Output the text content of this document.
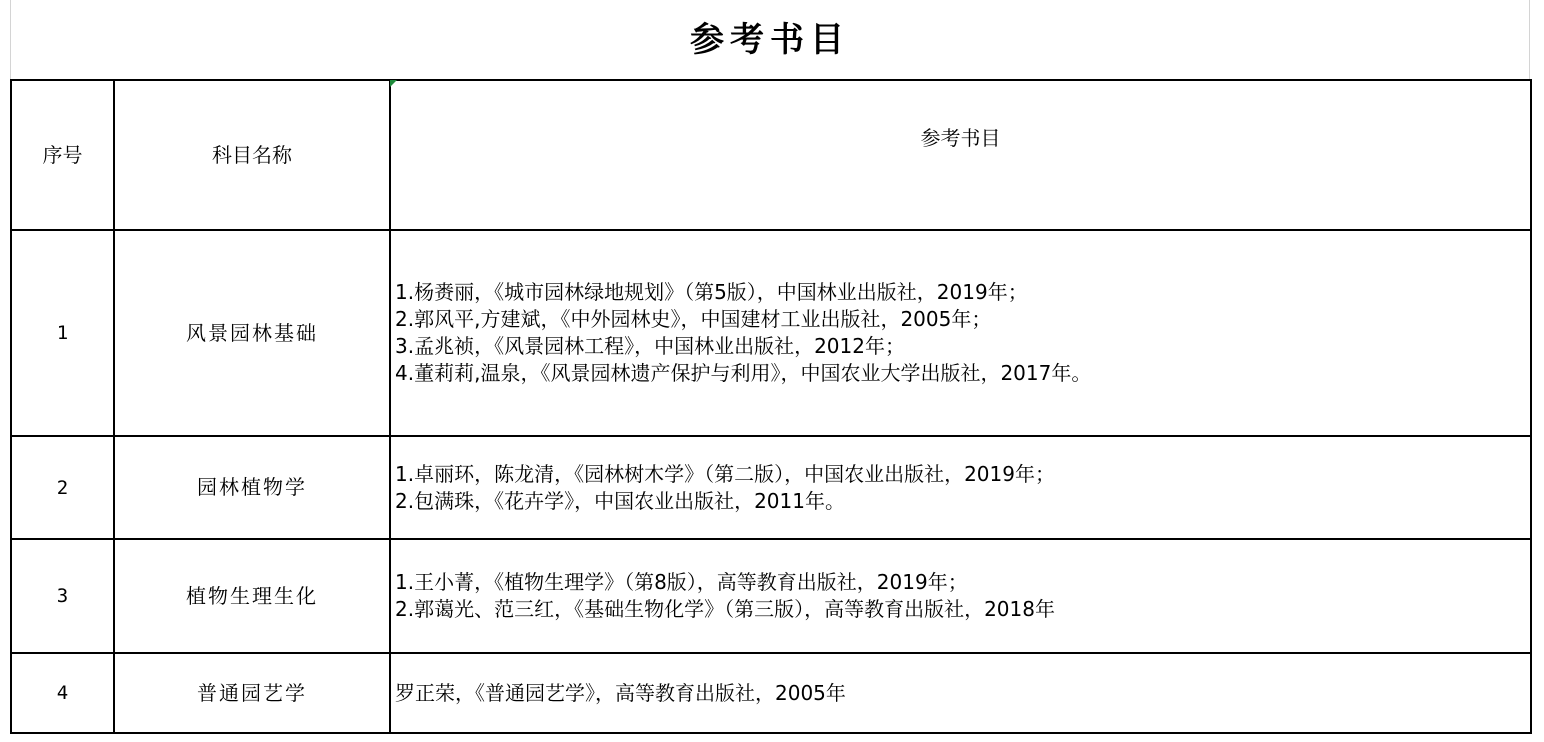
参考书目
序号	科目名称	参考书目
1	风景园林基础	1.杨赉丽，《城市园林绿地规划》（第5版），中国林业出版社，2019年；
2.郭风平,方建斌，《中外园林史》，中国建材工业出版社，2005年；
3.孟兆祯，《风景园林工程》，中国林业出版社，2012年；
4.董莉莉,温泉，《风景园林遗产保护与利用》，中国农业大学出版社，2017年。

2	园林植物学	1.卓丽环，陈龙清，《园林树木学》（第二版），中国农业出版社，2019年；
2.包满珠，《花卉学》，中国农业出版社，2011年。

3	植物生理生化	1.王小菁，《植物生理学》（第8版），高等教育出版社，2019年；
2.郭蔼光、范三红，《基础生物化学》（第三版），高等教育出版社，2018年

4	普通园艺学	罗正荣，《普通园艺学》，高等教育出版社，2005年
